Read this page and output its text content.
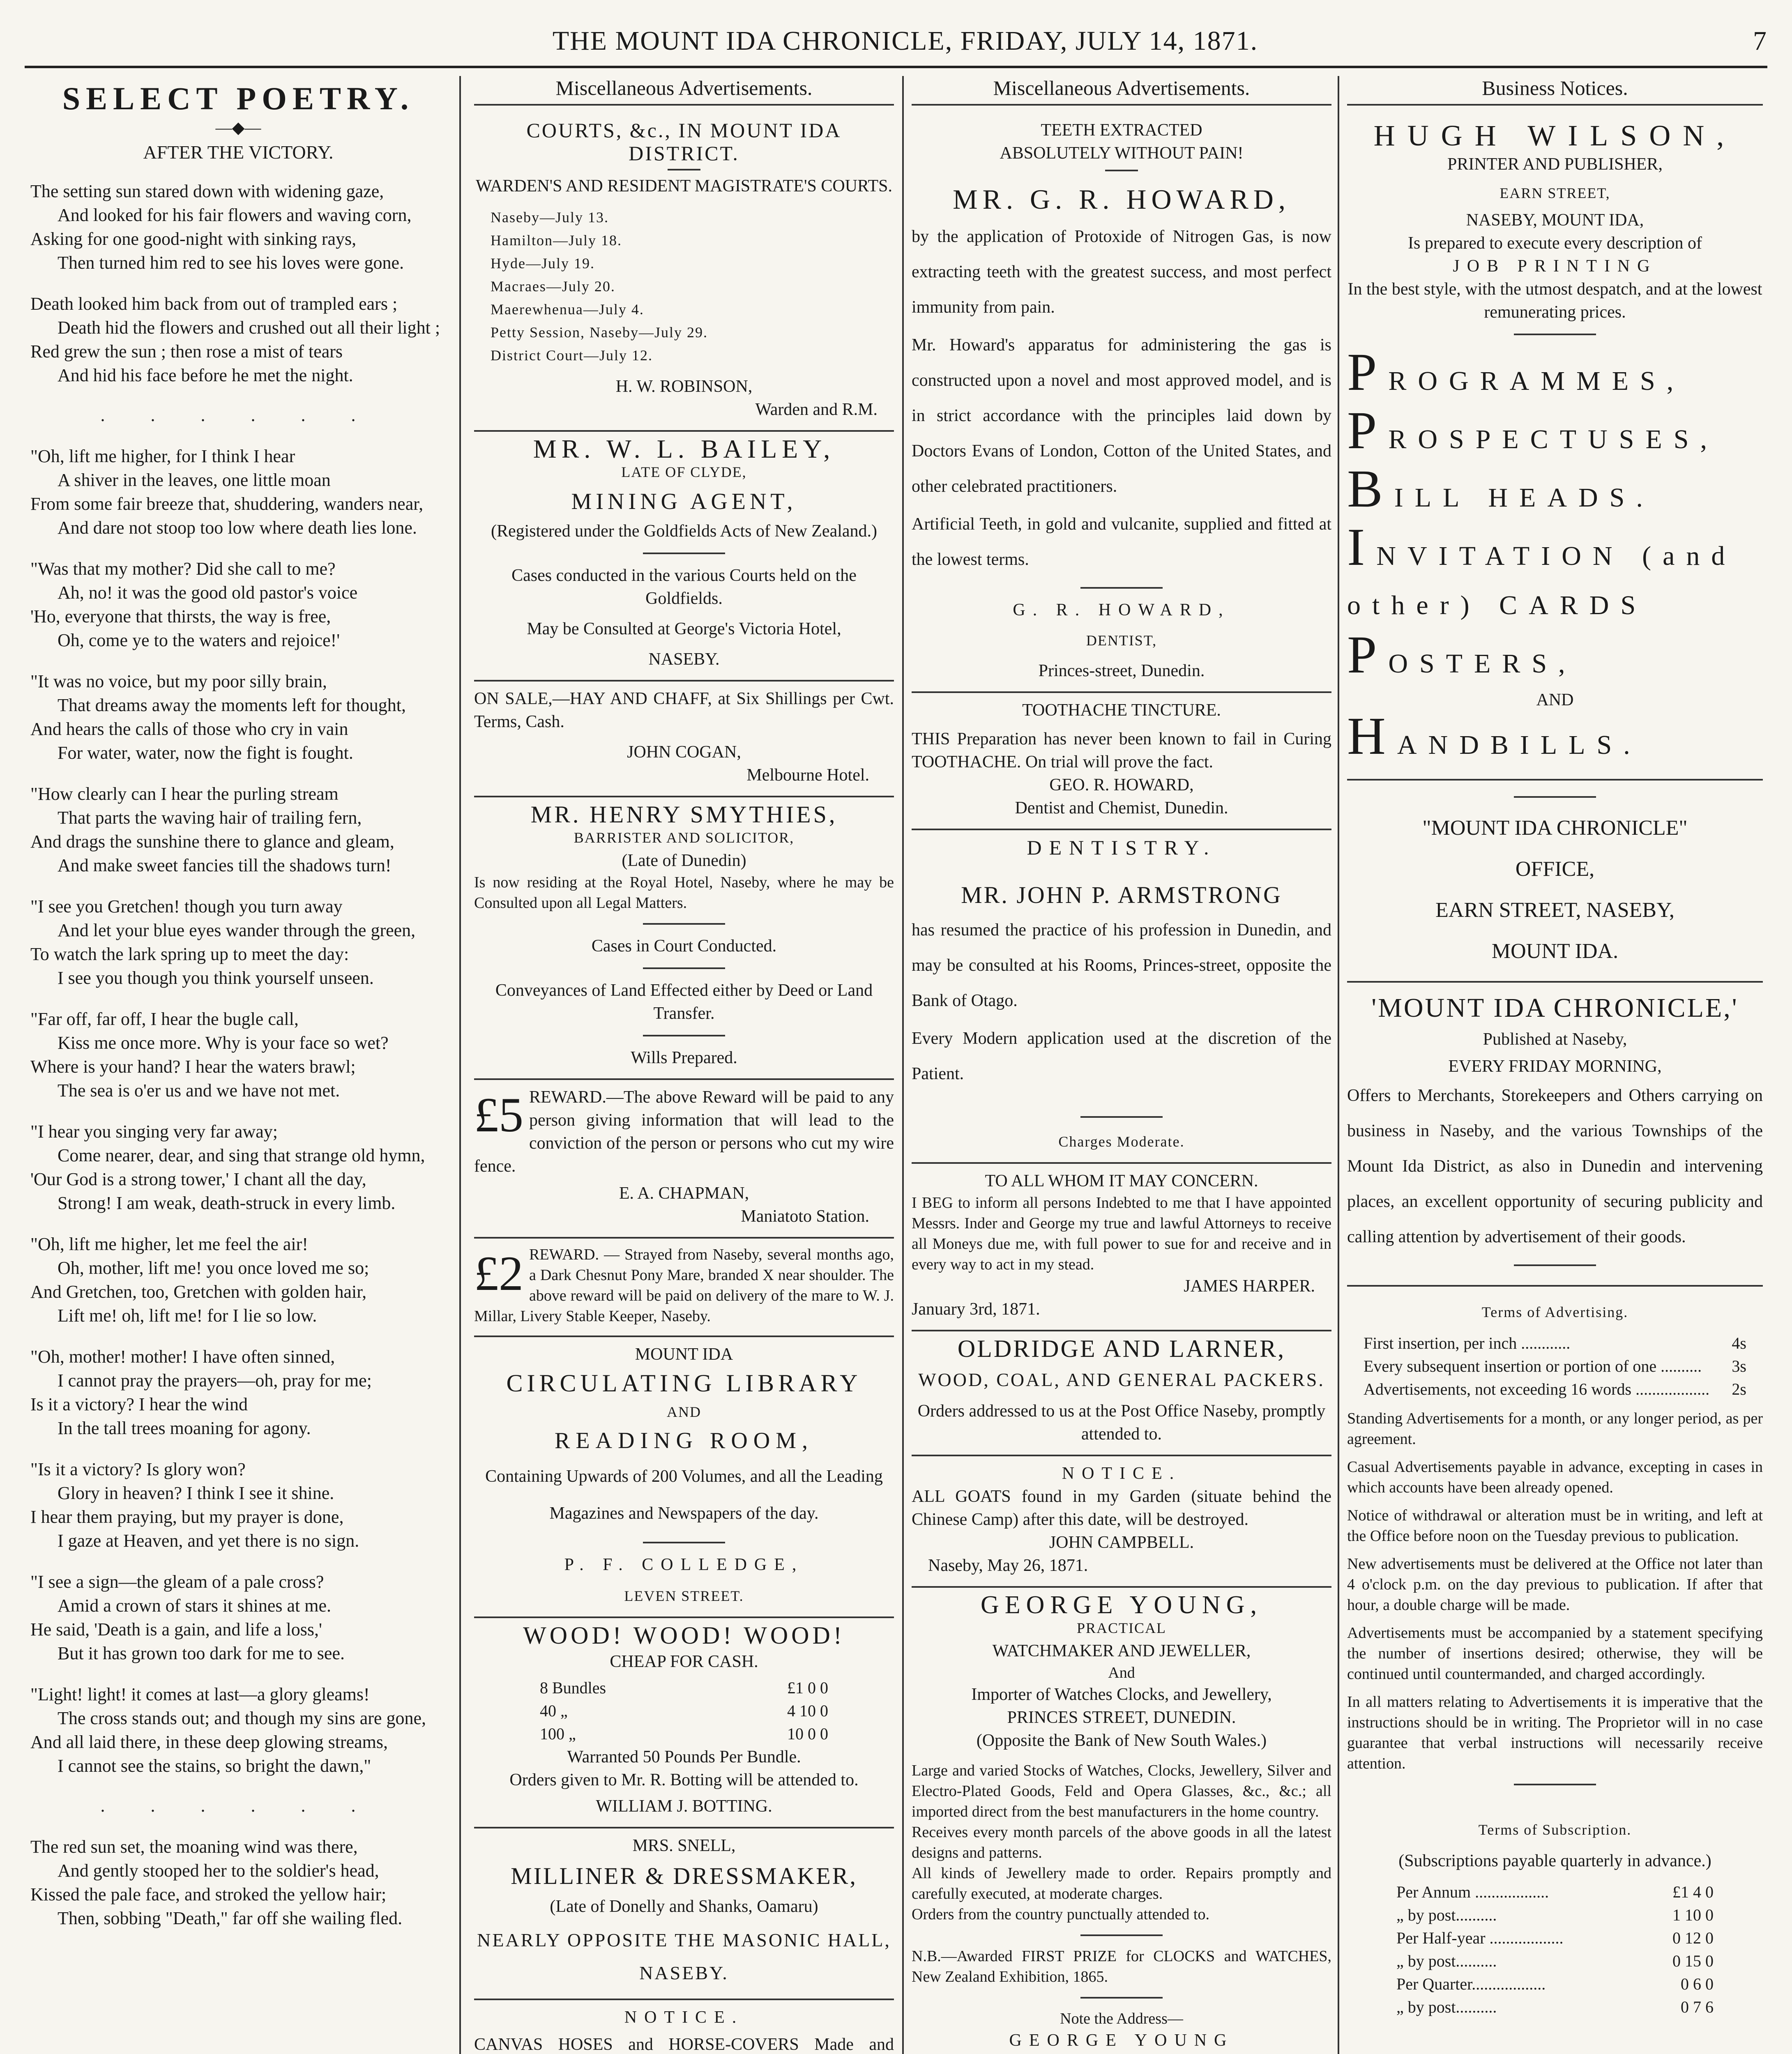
THE MOUNT IDA CHRONICLE, FRIDAY, JULY 14, 1871.	7
SELECT POETRY.
—◆—
AFTER THE VICTORY.
The setting sun stared down with widening gaze,
And looked for his fair flowers and waving corn,
Asking for one good-night with sinking rays,
Then turned him red to see his loves were gone.
Death looked him back from out of trampled ears ;
Death hid the flowers and crushed out all their light ;
Red grew the sun ; then rose a mist of tears
And hid his face before he met the night.
. . . . . .
"Oh, lift me higher, for I think I hear
A shiver in the leaves, one little moan
From some fair breeze that, shuddering, wanders near,
And dare not stoop too low where death lies lone.
"Was that my mother? Did she call to me?
Ah, no! it was the good old pastor's voice
'Ho, everyone that thirsts, the way is free,
Oh, come ye to the waters and rejoice!'
"It was no voice, but my poor silly brain,
That dreams away the moments left for thought,
And hears the calls of those who cry in vain
For water, water, now the fight is fought.
"How clearly can I hear the purling stream
That parts the waving hair of trailing fern,
And drags the sunshine there to glance and gleam,
And make sweet fancies till the shadows turn!
"I see you Gretchen! though you turn away
And let your blue eyes wander through the green,
To watch the lark spring up to meet the day:
I see you though you think yourself unseen.
"Far off, far off, I hear the bugle call,
Kiss me once more. Why is your face so wet?
Where is your hand? I hear the waters brawl;
The sea is o'er us and we have not met.
"I hear you singing very far away;
Come nearer, dear, and sing that strange old hymn,
'Our God is a strong tower,' I chant all the day,
Strong! I am weak, death-struck in every limb.
"Oh, lift me higher, let me feel the air!
Oh, mother, lift me! you once loved me so;
And Gretchen, too, Gretchen with golden hair,
Lift me! oh, lift me! for I lie so low.
"Oh, mother! mother! I have often sinned,
I cannot pray the prayers—oh, pray for me;
Is it a victory? I hear the wind
In the tall trees moaning for agony.
"Is it a victory? Is glory won?
Glory in heaven? I think I see it shine.
I hear them praying, but my prayer is done,
I gaze at Heaven, and yet there is no sign.
"I see a sign—the gleam of a pale cross?
Amid a crown of stars it shines at me.
He said, 'Death is a gain, and life a loss,'
But it has grown too dark for me to see.
"Light! light! it comes at last—a glory gleams!
The cross stands out; and though my sins are gone,
And all laid there, in these deep glowing streams,
I cannot see the stains, so bright the dawn,"
. . . . . .
The red sun set, the moaning wind was there,
And gently stooped her to the soldier's head,
Kissed the pale face, and stroked the yellow hair;
Then, sobbing "Death," far off she wailing fled.
Miscellaneous Advertisements.
COURTS, &c., IN MOUNT IDA DISTRICT.
WARDEN'S AND RESIDENT MAGISTRATE'S COURTS.
Naseby—July 13.
Hamilton—July 18.
Hyde—July 19.
Macraes—July 20.
Maerewhenua—July 4.
Petty Session, Naseby—July 29.
District Court—July 12.
H. W. ROBINSON,
Warden and R.M.
MR. W. L. BAILEY,
LATE OF CLYDE,
MINING AGENT,
(Registered under the Goldfields Acts of New Zealand.)
Cases conducted in the various Courts held on the Goldfields.
May be Consulted at George's Victoria Hotel,
NASEBY.
ON SALE,—HAY AND CHAFF, at Six Shillings per Cwt. Terms, Cash.
JOHN COGAN,
Melbourne Hotel.
MR. HENRY SMYTHIES,
BARRISTER AND SOLICITOR,
(Late of Dunedin)
Is now residing at the Royal Hotel, Naseby, where he may be Consulted upon all Legal Matters.
Cases in Court Conducted.
Conveyances of Land Effected either by Deed or Land Transfer.
Wills Prepared.
£5 REWARD.—The above Reward will be paid to any person giving information that will lead to the conviction of the person or persons who cut my wire fence.
E. A. CHAPMAN,
Maniatoto Station.
£2 REWARD. — Strayed from Naseby, several months ago, a Dark Chesnut Pony Mare, branded X near shoulder. The above reward will be paid on delivery of the mare to W. J. Millar, Livery Stable Keeper, Naseby.
MOUNT IDA
CIRCULATING LIBRARY
AND
READING ROOM,
Containing Upwards of 200 Volumes, and all the Leading Magazines and Newspapers of the day.
P. F. COLLEDGE,
LEVEN STREET.
WOOD! WOOD! WOOD!
CHEAP FOR CASH.
8 Bundles	£1 0 0
40 „	4 10 0
100 „	10 0 0
Warranted 50 Pounds Per Bundle.
Orders given to Mr. R. Botting will be attended to.
WILLIAM J. BOTTING.
MRS. SNELL,
MILLINER & DRESSMAKER,
(Late of Donelly and Shanks, Oamaru)
NEARLY OPPOSITE THE MASONIC HALL, NASEBY.
NOTICE.
CANVAS HOSES and HORSE-COVERS Made and
Miscellaneous Advertisements.
TEETH EXTRACTED
ABSOLUTELY WITHOUT PAIN!
MR. G. R. HOWARD,
by the application of Protoxide of Nitrogen Gas, is now extracting teeth with the greatest success, and most perfect immunity from pain.
Mr. Howard's apparatus for administering the gas is constructed upon a novel and most approved model, and is in strict accordance with the principles laid down by Doctors Evans of London, Cotton of the United States, and other celebrated practitioners.
Artificial Teeth, in gold and vulcanite, supplied and fitted at the lowest terms.
G. R. HOWARD,
DENTIST,
Princes-street, Dunedin.
TOOTHACHE TINCTURE.
THIS Preparation has never been known to fail in Curing TOOTHACHE. On trial will prove the fact.
GEO. R. HOWARD,
Dentist and Chemist, Dunedin.
DENTISTRY.
MR. JOHN P. ARMSTRONG
has resumed the practice of his profession in Dunedin, and may be consulted at his Rooms, Princes-street, opposite the Bank of Otago.
Every Modern application used at the discretion of the Patient.
Charges Moderate.
TO ALL WHOM IT MAY CONCERN.
I BEG to inform all persons Indebted to me that I have appointed Messrs. Inder and George my true and lawful Attorneys to receive all Moneys due me, with full power to sue for and receive and in every way to act in my stead.
JAMES HARPER.
January 3rd, 1871.
OLDRIDGE AND LARNER,
WOOD, COAL, AND GENERAL PACKERS.
Orders addressed to us at the Post Office Naseby, promptly attended to.
NOTICE.
ALL GOATS found in my Garden (situate behind the Chinese Camp) after this date, will be destroyed.
JOHN CAMPBELL.
Naseby, May 26, 1871.
GEORGE YOUNG,
PRACTICAL
WATCHMAKER AND JEWELLER,
And
Importer of Watches Clocks, and Jewellery,
PRINCES STREET, DUNEDIN.
(Opposite the Bank of New South Wales.)
Large and varied Stocks of Watches, Clocks, Jewellery, Silver and Electro-Plated Goods, Feld and Opera Glasses, &c., &c.; all imported direct from the best manufacturers in the home country.
Receives every month parcels of the above goods in all the latest designs and patterns.
All kinds of Jewellery made to order. Repairs promptly and carefully executed, at moderate charges.
Orders from the country punctually attended to.
N.B.—Awarded FIRST PRIZE for CLOCKS and WATCHES, New Zealand Exhibition, 1865.
Note the Address—
GEORGE YOUNG
Business Notices.
HUGH WILSON,
PRINTER AND PUBLISHER,
EARN STREET,
NASEBY, MOUNT IDA,
Is prepared to execute every description of
JOB PRINTING
In the best style, with the utmost despatch, and at the lowest remunerating prices.
PROGRAMMES,
PROSPECTUSES,
BILL HEADS.
INVITATION (and other) CARDS
POSTERS,
AND
HANDBILLS.
"MOUNT IDA CHRONICLE"
OFFICE,
EARN STREET, NASEBY,
MOUNT IDA.
'MOUNT IDA CHRONICLE,'
Published at Naseby,
EVERY FRIDAY MORNING,
Offers to Merchants, Storekeepers and Others carrying on business in Naseby, and the various Townships of the Mount Ida District, as also in Dunedin and intervening places, an excellent opportunity of securing publicity and calling attention by advertisement of their goods.
Terms of Advertising.
First insertion, per inch ............	4s
Every subsequent insertion or portion of one .......... 3s
Advertisements, not exceeding 16 words .................. 2s
Standing Advertisements for a month, or any longer period, as per agreement.
Casual Advertisements payable in advance, excepting in cases in which accounts have been already opened.
Notice of withdrawal or alteration must be in writing, and left at the Office before noon on the Tuesday previous to publication.
New advertisements must be delivered at the Office not later than 4 o'clock p.m. on the day previous to publication. If after that hour, a double charge will be made.
Advertisements must be accompanied by a statement specifying the number of insertions desired; otherwise, they will be continued until countermanded, and charged accordingly.
In all matters relating to Advertisements it is imperative that the instructions should be in writing. The Proprietor will in no case guarantee that verbal instructions will necessarily receive attention.
Terms of Subscription.
(Subscriptions payable quarterly in advance.)
Per Annum ..................	£1 4 0
„ by post..........	1 10 0
Per Half-year ..................	0 12 0
„ by post..........	0 15 0
Per Quarter..................	0 6 0
„ by post..........	0 7 6
